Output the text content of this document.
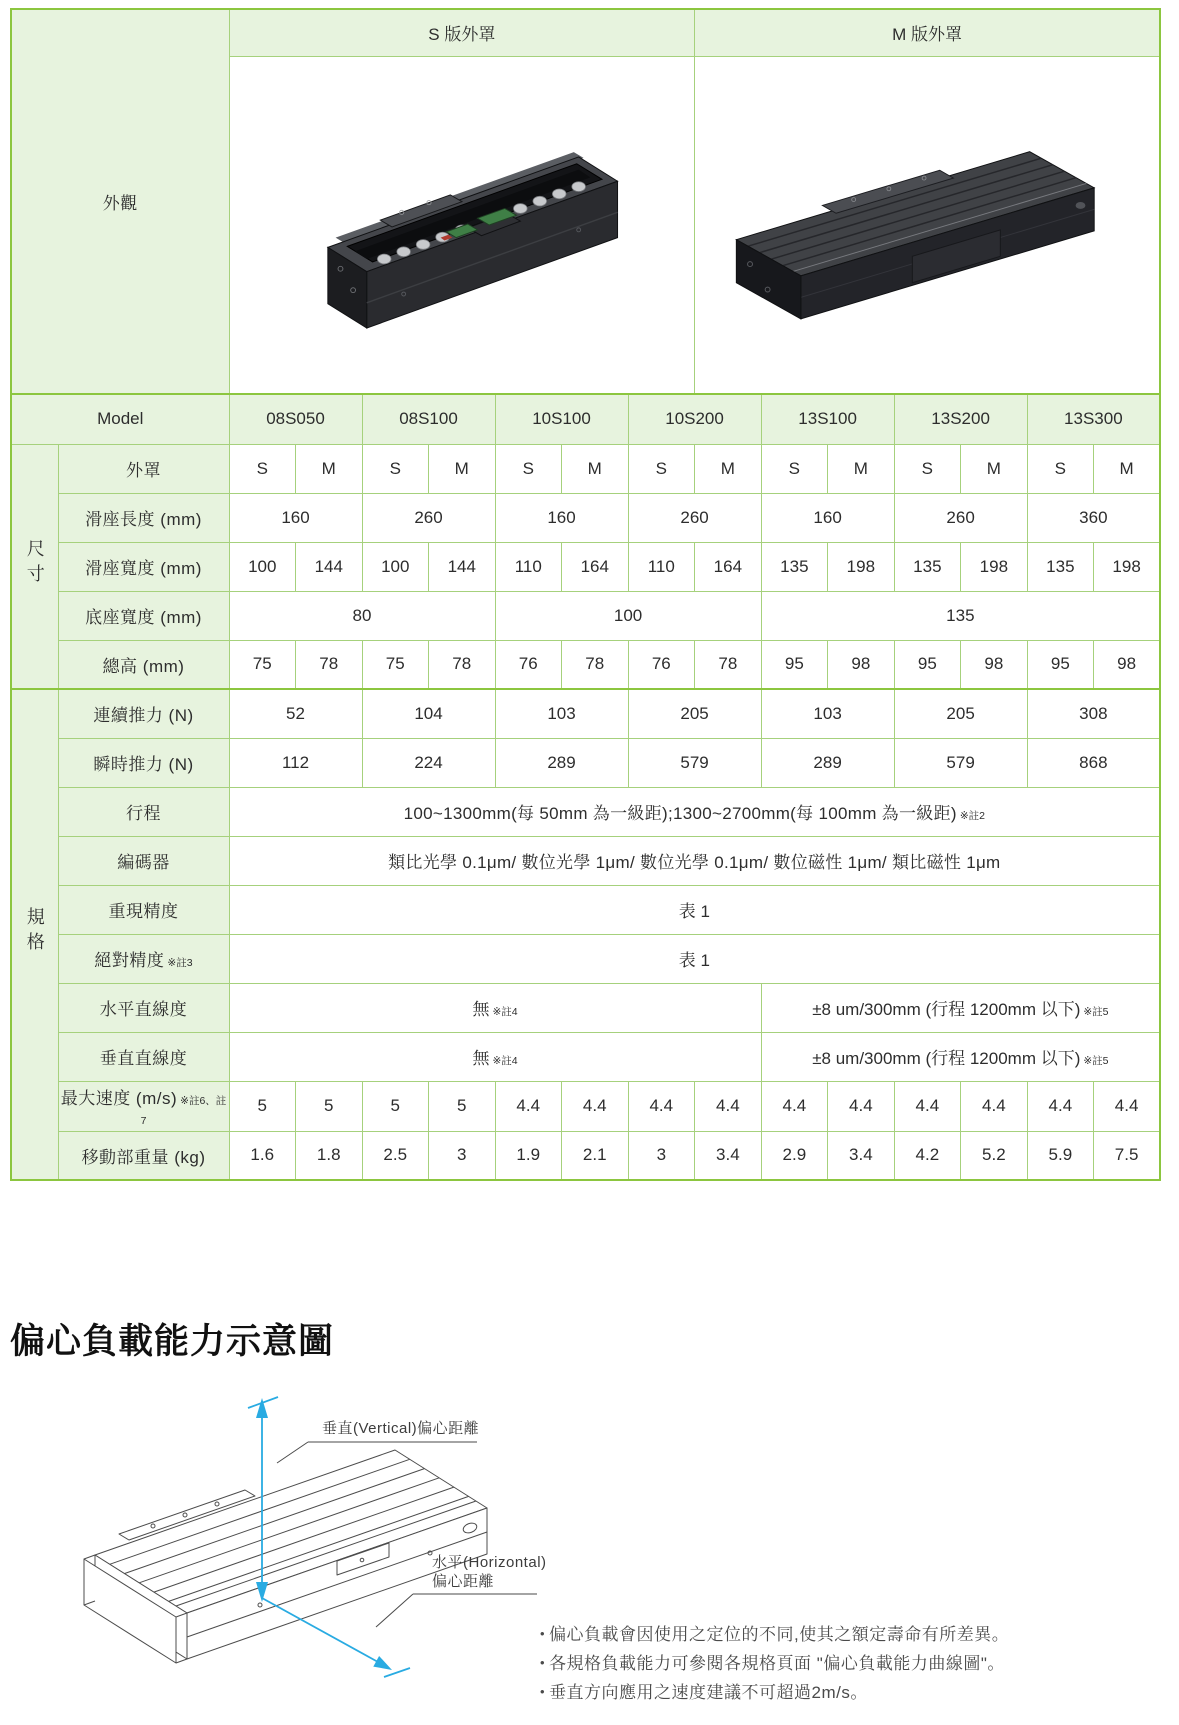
外觀		S 版外罩							M 版外罩						

Model		08S050		08S100		10S100		10S200		13S100		13S200		13S300	
尺寸	外罩	S	M	S	M	S	M	S	M	S	M	S	M	S	M
	滑座長度 (mm)	160		260		160		260		160		260		360	
	滑座寬度 (mm)	100	144	100	144	110	164	110	164	135	198	135	198	135	198
	底座寬度 (mm)	80				100				135					
	總高 (mm)	75	78	75	78	76	78	76	78	95	98	95	98	95	98
規格	連續推力 (N)	52		104		103		205		103		205		308	
	瞬時推力 (N)	112		224		289		579		289		579		868	
	行程	100~1300mm(每 50mm 為一級距);1300~2700mm(每 100mm 為一級距) ※註2													
	編碼器	類比光學 0.1μm/ 數位光學 1μm/ 數位光學 0.1μm/ 數位磁性 1μm/ 類比磁性 1μm													
	重現精度	表 1													
	絕對精度 ※註3	表 1													
	水平直線度	無 ※註4								±8 um/300mm (行程 1200mm 以下) ※註5					
	垂直直線度	無 ※註4								±8 um/300mm (行程 1200mm 以下) ※註5					
	最大速度 (m/s) ※註6、註7	5	5	5	5	4.4	4.4	4.4	4.4	4.4	4.4	4.4	4.4	4.4	4.4
	移動部重量 (kg)	1.6	1.8	2.5	3	1.9	2.1	3	3.4	2.9	3.4	4.2	5.2	5.9	7.5
偏心負載能力示意圖
垂直(Vertical)偏心距離
水平(Horizontal)
偏心距離
• 偏心負載會因使用之定位的不同,使其之額定壽命有所差異。
• 各規格負載能力可參閱各規格頁面 "偏心負載能力曲線圖"。
• 垂直方向應用之速度建議不可超過2m/s。
